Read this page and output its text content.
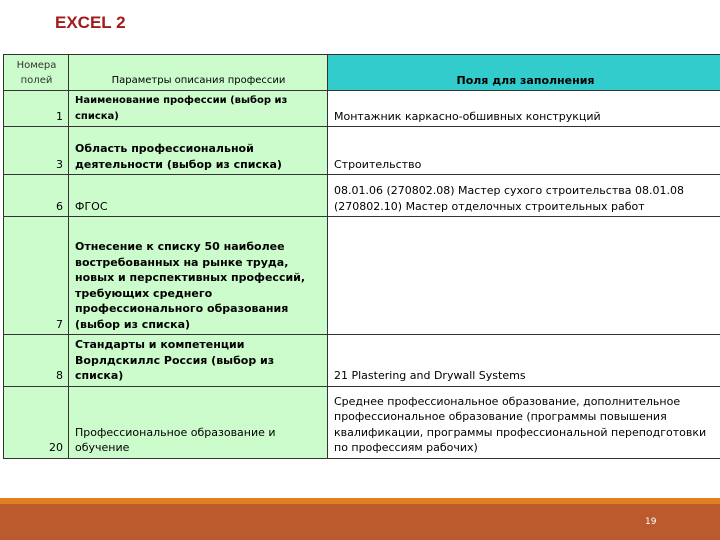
EXCEL 2
Номера полей	Параметры описания профессии	Поля для заполнения
1	Наименование профессии (выбор из списка)	Монтажник каркасно-обшивных конструкций
3	Область профессиональной деятельности (выбор из списка)	Строительство
6	ФГОС	08.01.06 (270802.08) Мастер сухого строительства 08.01.08 (270802.10) Мастер отделочных строительных работ
7	Отнесение к списку 50 наиболее востребованных на рынке труда, новых и перспективных профессий, требующих среднего профессионального образования (выбор из списка)	
8	Стандарты и компетенции Ворлдскиллс Россия (выбор из списка)	21 Plastering and Drywall Systems
20	Профессиональное образование и обучение	Среднее профессиональное образование, дополнительное профессиональное образование (программы повышения квалификации, программы профессиональной переподготовки по профессиям рабочих)
19
